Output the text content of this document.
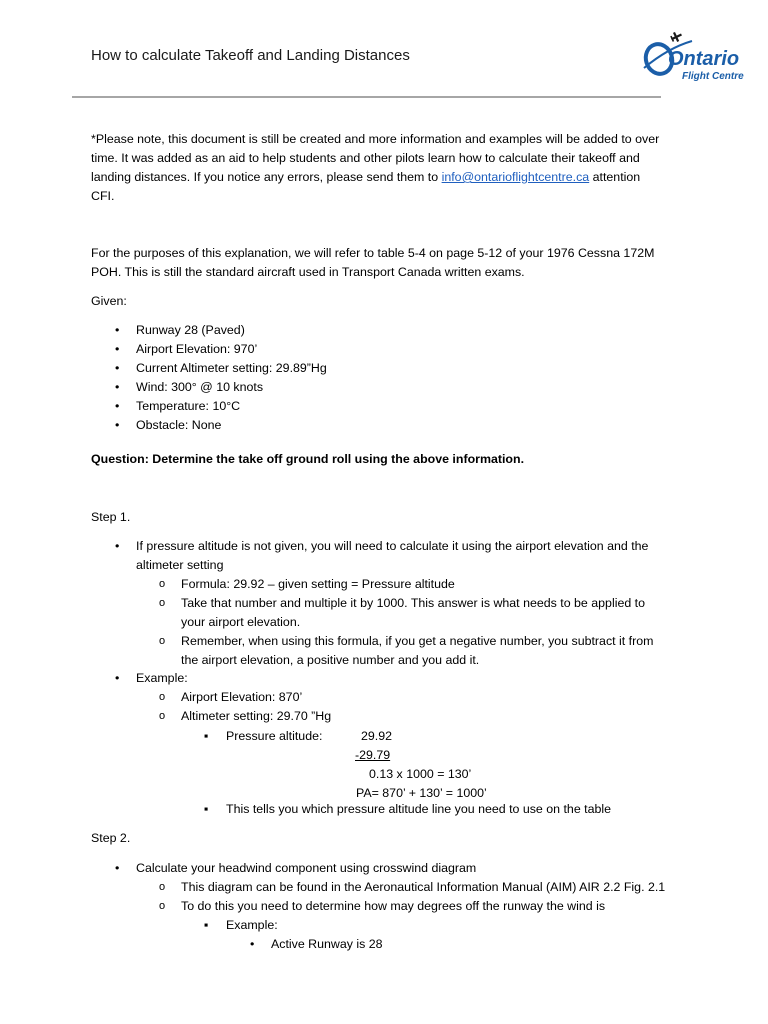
How to calculate Takeoff and Landing Distances	Ontario
Flight Centre
*Please note, this document is still be created and more information and examples will be added to over
time. It was added as an aid to help students and other pilots learn how to calculate their takeoff and
landing distances. If you notice any errors, please send them to info@ontarioflightcentre.ca attention
CFI.
For the purposes of this explanation, we will refer to table 5-4 on page 5-12 of your 1976 Cessna 172M
POH. This is still the standard aircraft used in Transport Canada written exams.
Given:
• Runway 28 (Paved)
• Airport Elevation: 970’
• Current Altimeter setting: 29.89”Hg
• Wind: 300° @ 10 knots
• Temperature: 10°C
• Obstacle: None
Question: Determine the take off ground roll using the above information.
Step 1.
• If pressure altitude is not given, you will need to calculate it using the airport elevation and the
altimeter setting
o Formula: 29.92 – given setting = Pressure altitude
o Take that number and multiple it by 1000. This answer is what needs to be applied to
your airport elevation.
o Remember, when using this formula, if you get a negative number, you subtract it from
the airport elevation, a positive number and you add it.
• Example:
o Airport Elevation: 870’
o Altimeter setting: 29.70 ”Hg
▪ Pressure altitude:	29.92
-29.79
0.13 x 1000 = 130’
PA= 870’ + 130’ = 1000’
▪ This tells you which pressure altitude line you need to use on the table
Step 2.
• Calculate your headwind component using crosswind diagram
o This diagram can be found in the Aeronautical Information Manual (AIM) AIR 2.2 Fig. 2.1
o To do this you need to determine how may degrees off the runway the wind is
▪ Example:
• Active Runway is 28
